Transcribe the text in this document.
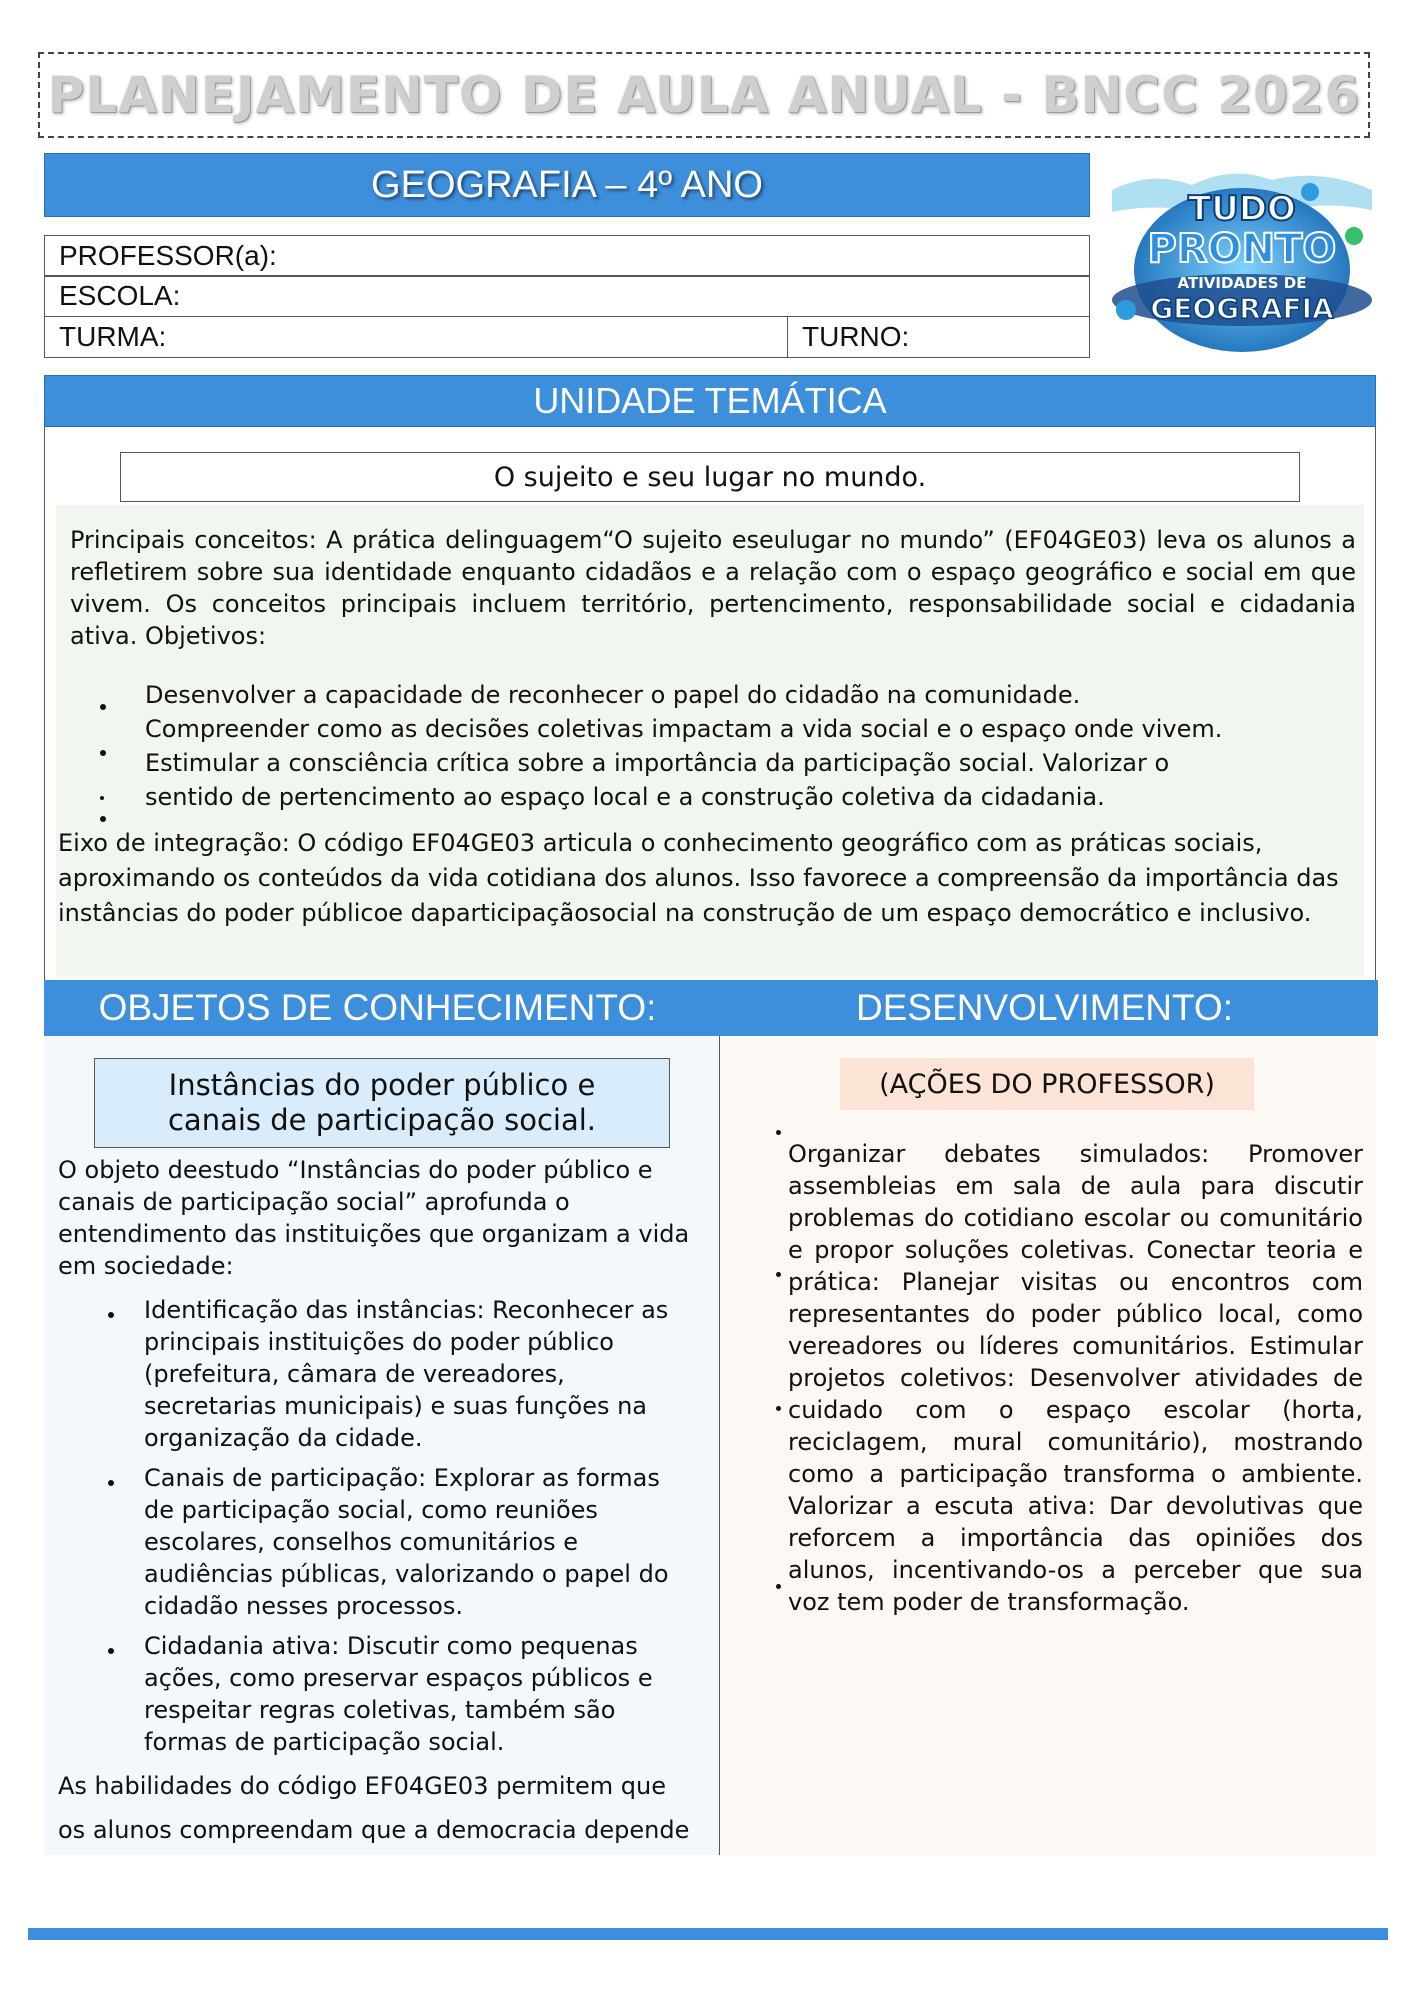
PLANEJAMENTO DE AULA ANUAL - BNCC 2026
GEOGRAFIA – 4º ANO
PROFESSOR(a):
ESCOLA:
TURMA:	TURNO:
TUDO
PRONTO
ATIVIDADES DE
GEOGRAFIA
UNIDADE TEMÁTICA
O sujeito e seu lugar no mundo.

Principais conceitos: A prática delinguagem“O sujeito eseulugar no mundo” (EF04GE03) leva os alunos a refletirem sobre sua identidade enquanto cidadãos e a relação com o espaço geográfico e social em que vivem. Os conceitos principais incluem território, pertencimento, responsabilidade social e cidadania ativa. Objetivos:

Desenvolver a capacidade de reconhecer o papel do cidadão na comunidade.
Compreender como as decisões coletivas impactam a vida social e o espaço onde vivem.
Estimular a consciência crítica sobre a importância da participação social. Valorizar o
sentido de pertencimento ao espaço local e a construção coletiva da cidadania.

Eixo de integração: O código EF04GE03 articula o conhecimento geográfico com as práticas sociais, aproximando os conteúdos da vida cotidiana dos alunos. Isso favorece a compreensão da importância das instâncias do poder públicoe daparticipaçãosocial na construção de um espaço democrático e inclusivo.

OBJETOS DE CONHECIMENTO:	DESENVOLVIMENTO:
Instâncias do poder público e
canais de participação social.

O objeto deestudo “Instâncias do poder público e canais de participação social” aprofunda o entendimento das instituições que organizam a vida em sociedade:

Identificação das instâncias: Reconhecer as principais instituições do poder público (prefeitura, câmara de vereadores, secretarias municipais) e suas funções na organização da cidade.
Canais de participação: Explorar as formas de participação social, como reuniões escolares, conselhos comunitários e audiências públicas, valorizando o papel do cidadão nesses processos.
Cidadania ativa: Discutir como pequenas ações, como preservar espaços públicos e respeitar regras coletivas, também são formas de participação social.
As habilidades do código EF04GE03 permitem que
os alunos compreendam que a democracia depende
(AÇÕES DO PROFESSOR)

Organizar debates simulados: Promover assembleias em sala de aula para discutir problemas do cotidiano escolar ou comunitário e propor soluções coletivas. Conectar teoria e prática: Planejar visitas ou encontros com representantes do poder público local, como vereadores ou líderes comunitários. Estimular projetos coletivos: Desenvolver atividades de cuidado com o espaço escolar (horta, reciclagem, mural comunitário), mostrando como a participação transforma o ambiente. Valorizar a escuta ativa: Dar devolutivas que reforcem a importância das opiniões dos alunos, incentivando-os a perceber que sua voz tem poder de transformação.
